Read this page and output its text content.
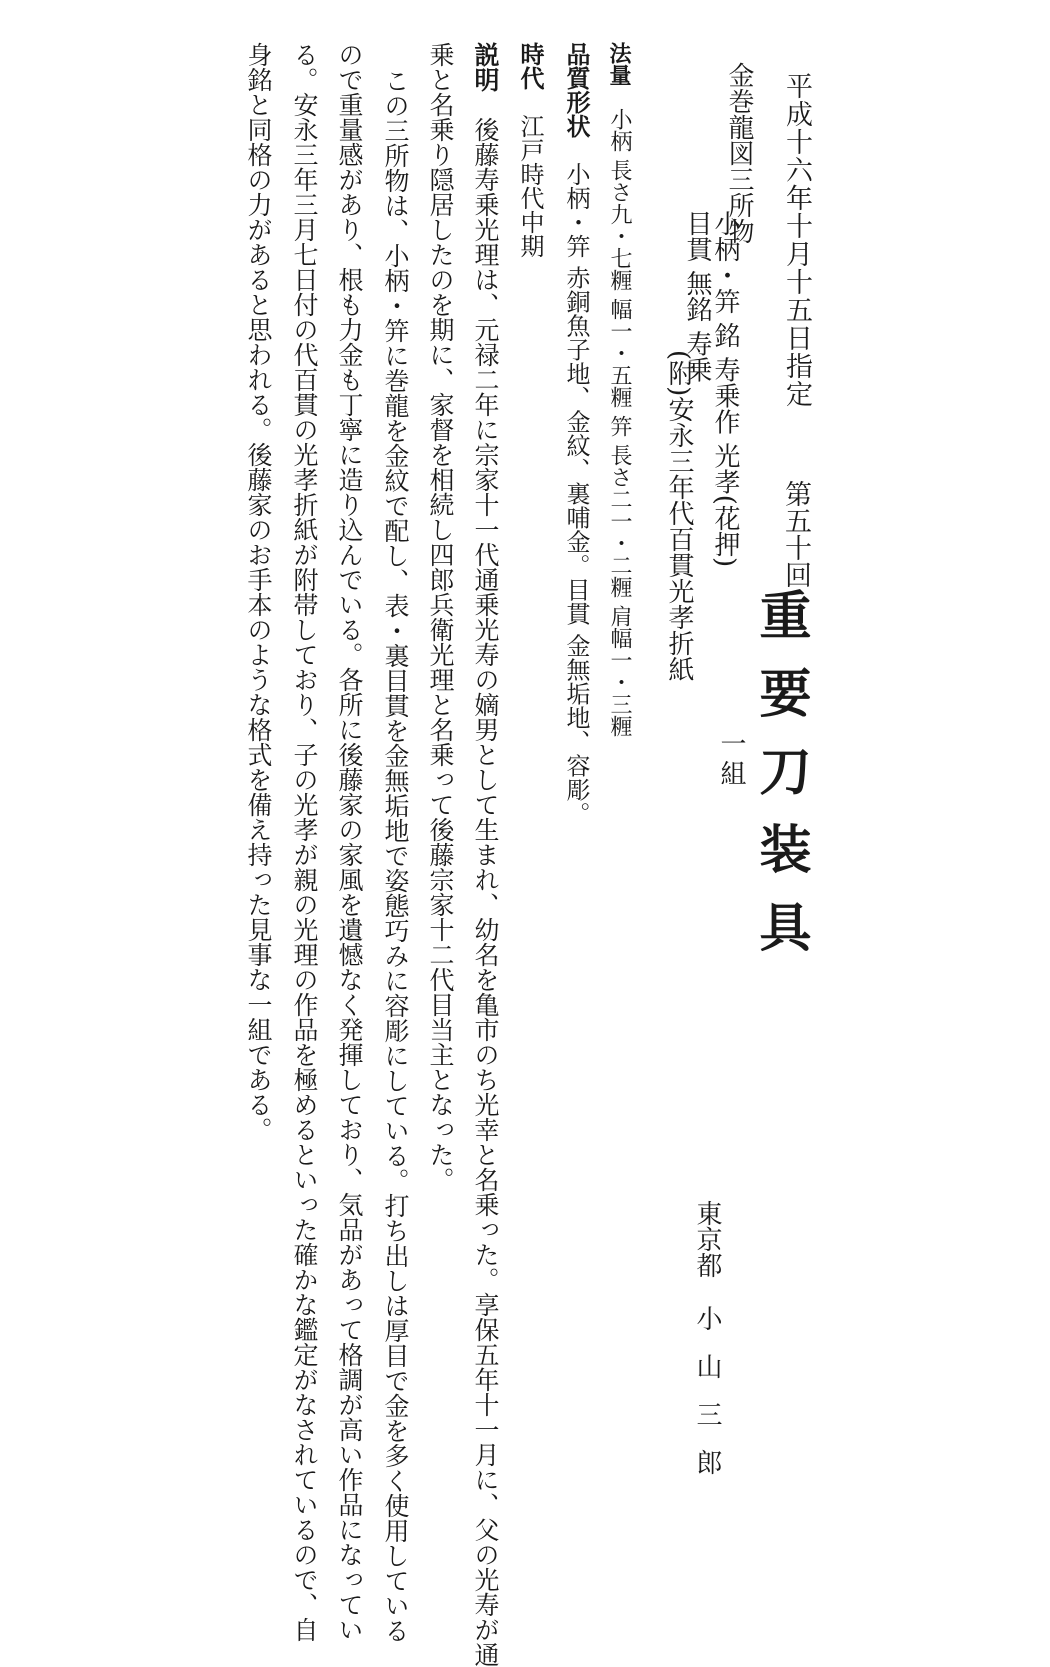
平成十六年十月十五日指定
第五十回
重要刀装具
東京都
小山三郎
金巻龍図三所物
小柄・笄 銘 寿乗作 光孝(花押)
目貫 無銘 寿乗
(附)安永三年代百貫光孝折紙
一組
法量　小柄 長さ九・七糎 幅一・五糎 笄 長さ二一・二糎 肩幅一・三糎
品質形状　小柄・笄 赤銅魚子地、金紋、裏哺金。目貫 金無垢地、容彫。
時代　江戸時代中期
説明　後藤寿乗光理は、元禄二年に宗家十一代通乗光寿の嫡男として生まれ、幼名を亀市のち光幸と名乗った。享保五年十一月に、父の光寿が通
乗と名乗り隠居したのを期に、家督を相続し四郎兵衛光理と名乗って後藤宗家十二代目当主となった。
この三所物は、小柄・笄に巻龍を金紋で配し、表・裏目貫を金無垢地で姿態巧みに容彫にしている。打ち出しは厚目で金を多く使用している
ので重量感があり、根も力金も丁寧に造り込んでいる。各所に後藤家の家風を遺憾なく発揮しており、気品があって格調が高い作品になってい
る。安永三年三月七日付の代百貫の光孝折紙が附帯しており、子の光孝が親の光理の作品を極めるといった確かな鑑定がなされているので、自
身銘と同格の力があると思われる。後藤家のお手本のような格式を備え持った見事な一組である。
